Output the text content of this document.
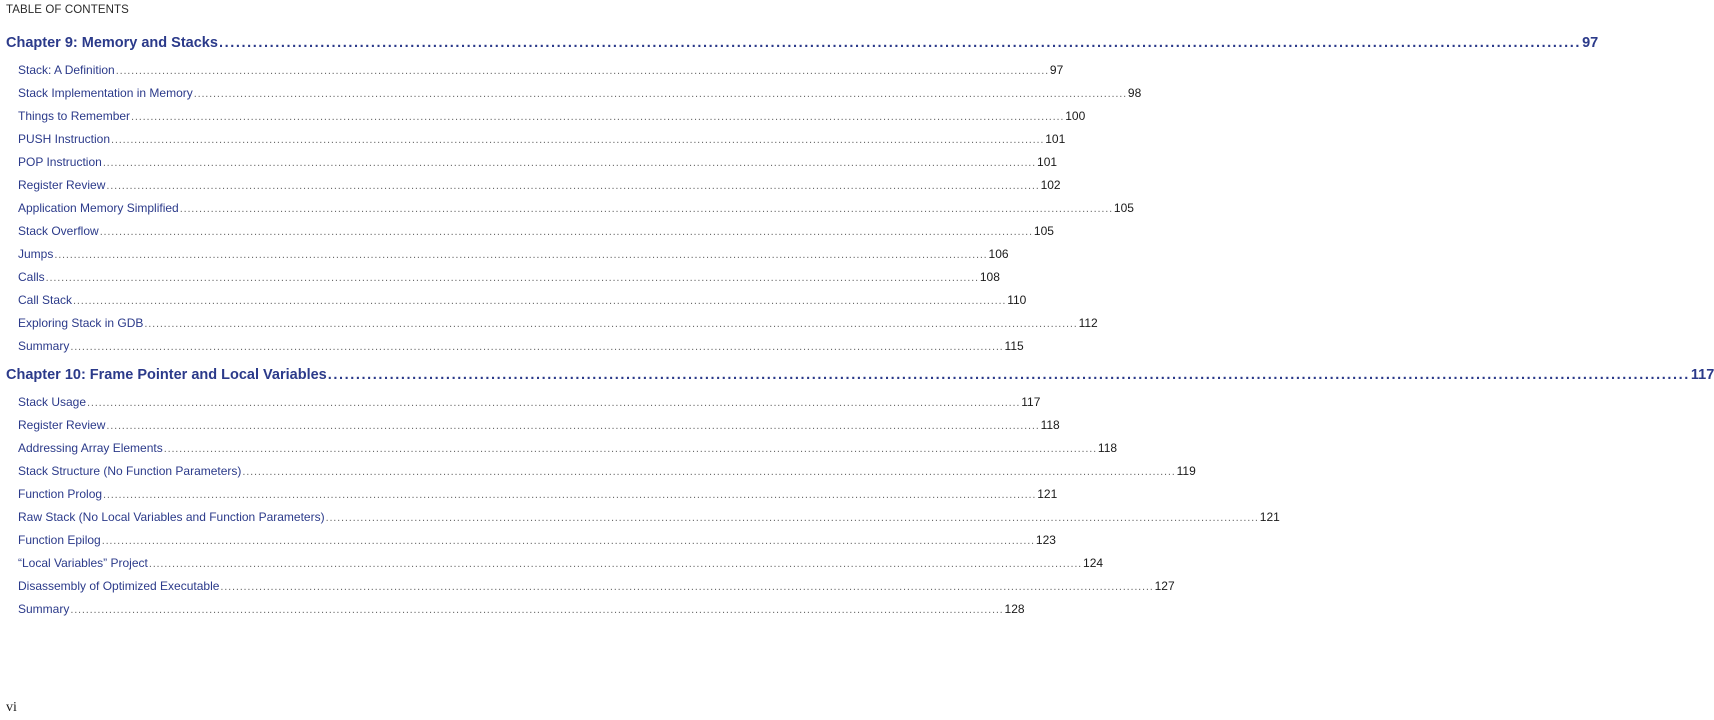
TABLE OF CONTENTS
Chapter 9: Memory and Stacks .....	97
Stack: A Definition .....	97
Stack Implementation in Memory .....	98
Things to Remember .....	100
PUSH Instruction .....	101
POP Instruction .....	101
Register Review .....	102
Application Memory Simplified .....	105
Stack Overflow .....	105
Jumps .....	106
Calls .....	108
Call Stack .....	110
Exploring Stack in GDB .....	112
Summary .....	115
Chapter 10: Frame Pointer and Local Variables .....	117
Stack Usage .....	117
Register Review .....	118
Addressing Array Elements .....	118
Stack Structure (No Function Parameters) .....	119
Function Prolog .....	121
Raw Stack (No Local Variables and Function Parameters) .....	121
Function Epilog .....	123
“Local Variables” Project .....	124
Disassembly of Optimized Executable .....	127
Summary .....	128
vi
